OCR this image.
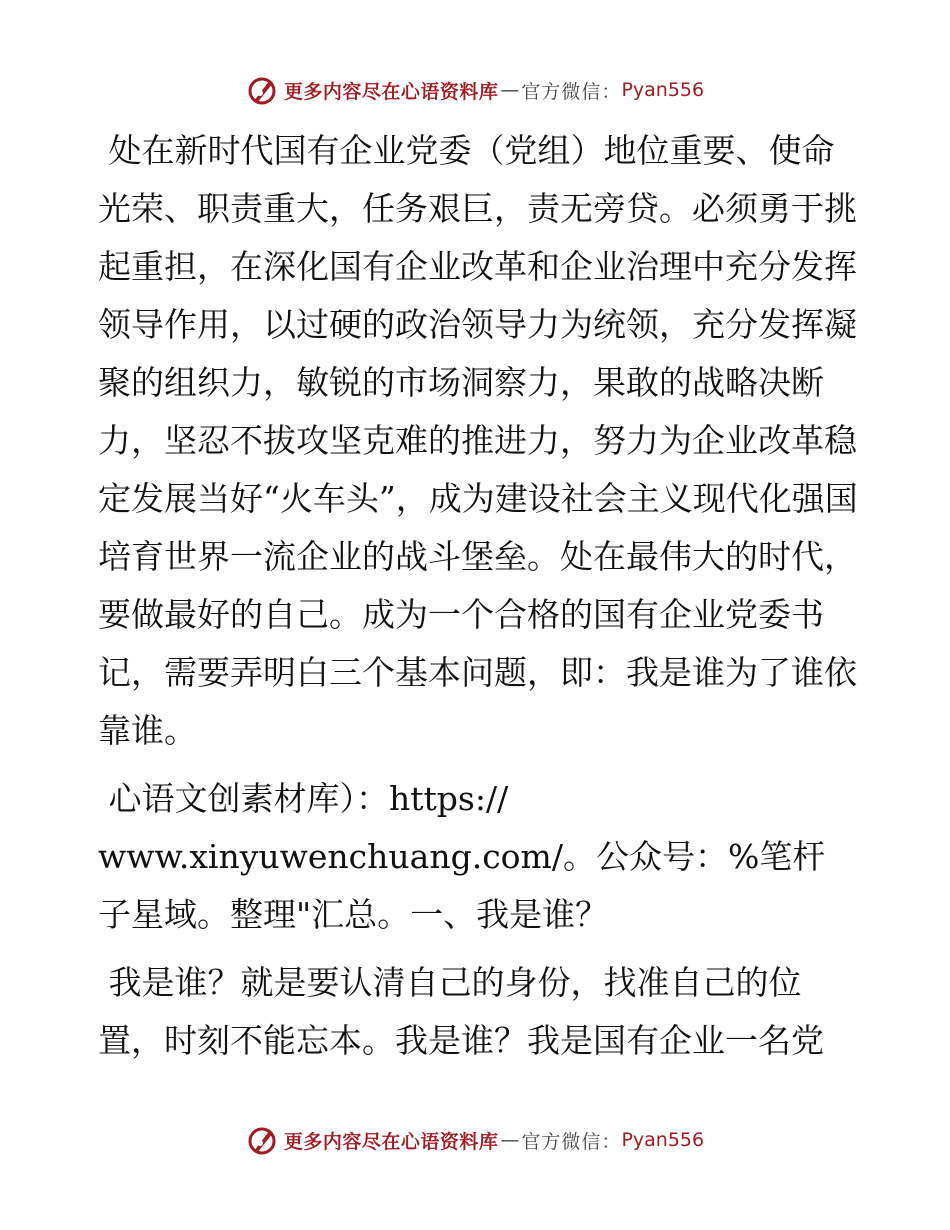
更多内容尽在心语资料库 — 官方微信： Pyan556

处在新时代国有企业党委（党组）地位重要、使命光荣、职责重大，任务艰巨，责无旁贷。必须勇于挑起重担，在深化国有企业改革和企业治理中充分发挥领导作用，以过硬的政治领导力为统领，充分发挥凝聚的组织力，敏锐的市场洞察力，果敢的战略决断力，坚忍不拔攻坚克难的推进力，努力为企业改革稳定发展当好“火车头”，成为建设社会主义现代化强国培育世界一流企业的战斗堡垒。处在最伟大的时代，要做最好的自己。成为一个合格的国有企业党委书记，需要弄明白三个基本问题，即：我是谁为了谁依靠谁。

心语文创素材库）：https://
www.xinyuwenchuang.com/。公众号：%笔杆子星域。整理"汇总。一、我是谁？

我是谁？就是要认清自己的身份，找准自己的位置，时刻不能忘本。我是谁？我是国有企业一名党

更多内容尽在心语资料库 — 官方微信： Pyan556
